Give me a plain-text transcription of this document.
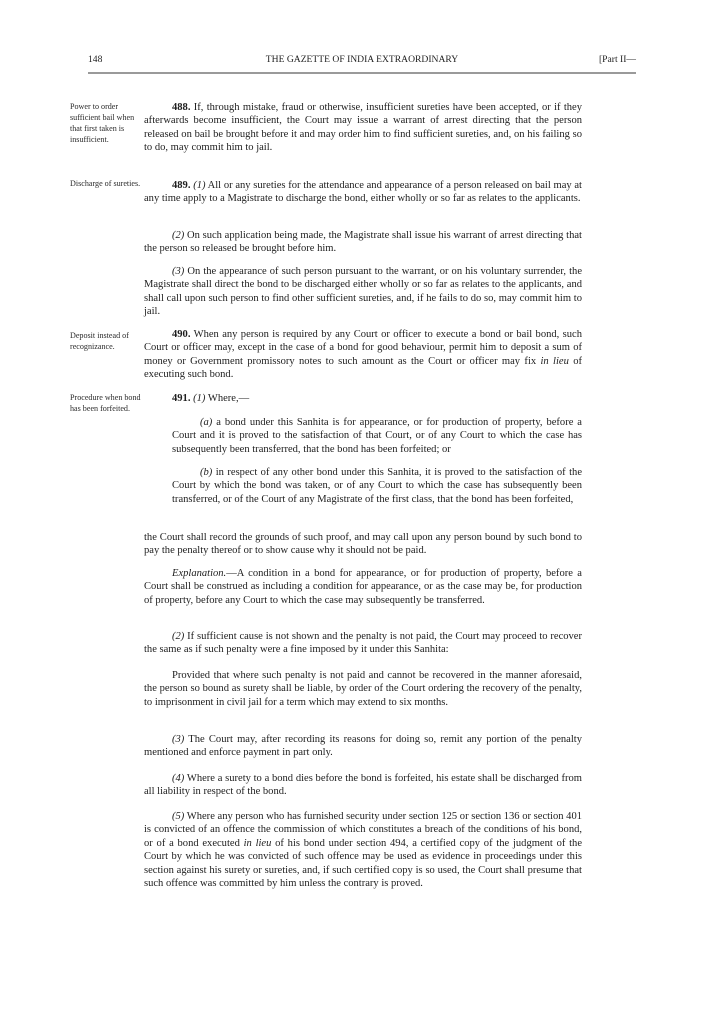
148	THE GAZETTE OF INDIA EXTRAORDINARY	[Part II—

Power to order sufficient bail when that first taken is insufficient.

Discharge of sureties.

Deposit instead of recognizance.

Procedure when bond has been forfeited.

488. If, through mistake, fraud or otherwise, insufficient sureties have been accepted, or if they afterwards become insufficient, the Court may issue a warrant of arrest directing that the person released on bail be brought before it and may order him to find sufficient sureties, and, on his failing so to do, may commit him to jail.

489. (1) All or any sureties for the attendance and appearance of a person released on bail may at any time apply to a Magistrate to discharge the bond, either wholly or so far as relates to the applicants.

(2) On such application being made, the Magistrate shall issue his warrant of arrest directing that the person so released be brought before him.

(3) On the appearance of such person pursuant to the warrant, or on his voluntary surrender, the Magistrate shall direct the bond to be discharged either wholly or so far as relates to the applicants, and shall call upon such person to find other sufficient sureties, and, if he fails to do so, may commit him to jail.

490. When any person is required by any Court or officer to execute a bond or bail bond, such Court or officer may, except in the case of a bond for good behaviour, permit him to deposit a sum of money or Government promissory notes to such amount as the Court or officer may fix in lieu of executing such bond.

491. (1) Where,—

(a) a bond under this Sanhita is for appearance, or for production of property, before a Court and it is proved to the satisfaction of that Court, or of any Court to which the case has subsequently been transferred, that the bond has been forfeited; or

(b) in respect of any other bond under this Sanhita, it is proved to the satisfaction of the Court by which the bond was taken, or of any Court to which the case has subsequently been transferred, or of the Court of any Magistrate of the first class, that the bond has been forfeited,

the Court shall record the grounds of such proof, and may call upon any person bound by such bond to pay the penalty thereof or to show cause why it should not be paid.

Explanation.—A condition in a bond for appearance, or for production of property, before a Court shall be construed as including a condition for appearance, or as the case may be, for production of property, before any Court to which the case may subsequently be transferred.

(2) If sufficient cause is not shown and the penalty is not paid, the Court may proceed to recover the same as if such penalty were a fine imposed by it under this Sanhita:

Provided that where such penalty is not paid and cannot be recovered in the manner aforesaid, the person so bound as surety shall be liable, by order of the Court ordering the recovery of the penalty, to imprisonment in civil jail for a term which may extend to six months.

(3) The Court may, after recording its reasons for doing so, remit any portion of the penalty mentioned and enforce payment in part only.

(4) Where a surety to a bond dies before the bond is forfeited, his estate shall be discharged from all liability in respect of the bond.

(5) Where any person who has furnished security under section 125 or section 136 or section 401 is convicted of an offence the commission of which constitutes a breach of the conditions of his bond, or of a bond executed in lieu of his bond under section 494, a certified copy of the judgment of the Court by which he was convicted of such offence may be used as evidence in proceedings under this section against his surety or sureties, and, if such certified copy is so used, the Court shall presume that such offence was committed by him unless the contrary is proved.
